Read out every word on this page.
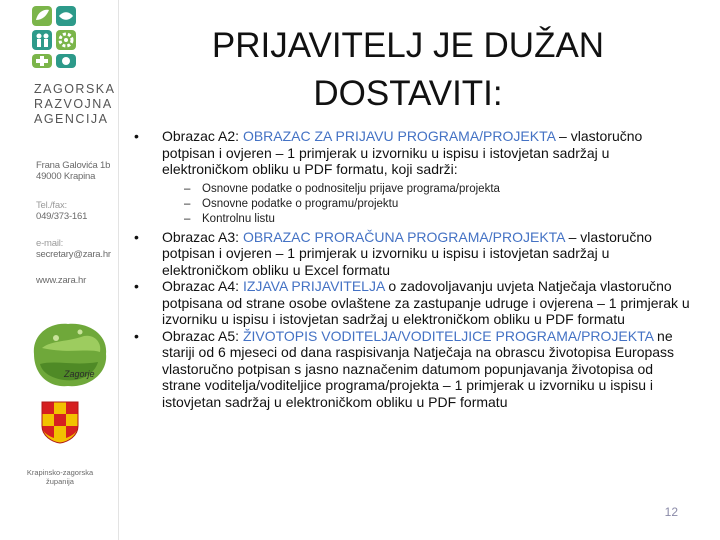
ZAGORSKA
RAZVOJNA
AGENCIJA
Frana Galovića 1b
49000 Krapina
Tel./fax:
049/373-161
e-mail:
secretary@zara.hr
www.zara.hr
Zagorje
Krapinsko-zagorska
županija
PRIJAVITELJ JE DUŽAN
DOSTAVITI:
• Obrazac A2: OBRAZAC ZA PRIJAVU PROGRAMA/PROJEKTA – vlastoručno potpisan i ovjeren – 1 primjerak u izvorniku u ispisu i istovjetan sadržaj u elektroničkom obliku u PDF formatu, koji sadrži:
– Osnovne podatke o podnositelju prijave programa/projekta
– Osnovne podatke o programu/projektu
– Kontrolnu listu
• Obrazac A3: OBRAZAC PRORAČUNA PROGRAMA/PROJEKTA – vlastoručno potpisan i ovjeren – 1 primjerak u izvorniku u ispisu i istovjetan sadržaj u elektroničkom obliku u Excel formatu
• Obrazac A4: IZJAVA PRIJAVITELJA o zadovoljavanju uvjeta Natječaja vlastoručno potpisana od strane osobe ovlaštene za zastupanje udruge i ovjerena – 1 primjerak u izvorniku u ispisu i istovjetan sadržaj u elektroničkom obliku u PDF formatu
• Obrazac A5: ŽIVOTOPIS VODITELJA/VODITELJICE PROGRAMA/PROJEKTA ne stariji od 6 mjeseci od dana raspisivanja Natječaja na obrascu životopisa Europass vlastoručno potpisan s jasno naznačenim datumom popunjavanja životopisa od strane voditelja/voditeljice programa/projekta – 1 primjerak u izvorniku u ispisu i istovjetan sadržaj u elektroničkom obliku u PDF formatu
12
